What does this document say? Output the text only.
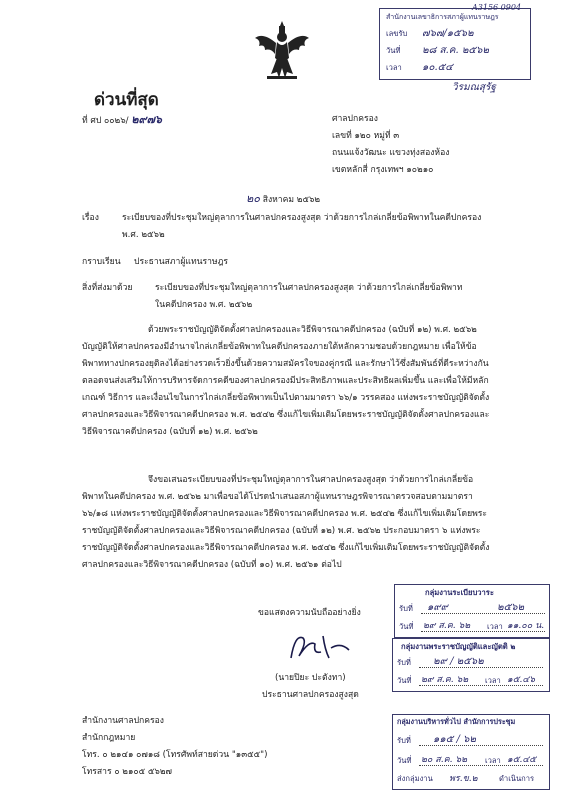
สำนักงานเลขาธิการสภาผู้แทนราษฎร
เลขรับ	๗๖๗/๑๕๖๒
วันที่	๒๘ ส.ค. ๒๕๖๒
เวลา	๑๐.๕๔
A3156 0904
วิรมณสุรัฐ
ด่วนที่สุด
ที่ ศป ๐๐๒๖/ ๒๙๗๖	ศาลปกครอง
เลขที่ ๑๒๐ หมู่ที่ ๓
ถนนแจ้งวัฒนะ แขวงทุ่งสองห้อง
เขตหลักสี่ กรุงเทพฯ ๑๐๒๑๐
๒๐ สิงหาคม ๒๕๖๒
เรื่อง	ระเบียบของที่ประชุมใหญ่ตุลาการในศาลปกครองสูงสุด ว่าด้วยการไกล่เกลี่ยข้อพิพาทในคดีปกครอง
พ.ศ. ๒๕๖๒
กราบเรียน ประธานสภาผู้แทนราษฎร
สิ่งที่ส่งมาด้วย	ระเบียบของที่ประชุมใหญ่ตุลาการในศาลปกครองสูงสุด ว่าด้วยการไกล่เกลี่ยข้อพิพาท
ในคดีปกครอง พ.ศ. ๒๕๖๒
ด้วยพระราชบัญญัติจัดตั้งศาลปกครองและวิธีพิจารณาคดีปกครอง (ฉบับที่ ๑๒) พ.ศ. ๒๕๖๒ บัญญัติให้ศาลปกครองมีอำนาจไกล่เกลี่ยข้อพิพาทในคดีปกครองภายใต้หลักความชอบด้วยกฎหมาย เพื่อให้ข้อพิพาททางปกครองยุติลงได้อย่างรวดเร็วยิ่งขึ้นด้วยความสมัครใจของคู่กรณี และรักษาไว้ซึ่งสัมพันธ์ที่ดีระหว่างกัน ตลอดจนส่งเสริมให้การบริหารจัดการคดีของศาลปกครองมีประสิทธิภาพและประสิทธิผลเพิ่มขึ้น และเพื่อให้มีหลักเกณฑ์ วิธีการ และเงื่อนไขในการไกล่เกลี่ยข้อพิพาทเป็นไปตามมาตรา ๖๖/๑ วรรคสอง แห่งพระราชบัญญัติจัดตั้งศาลปกครองและวิธีพิจารณาคดีปกครอง พ.ศ. ๒๕๔๒ ซึ่งแก้ไขเพิ่มเติมโดยพระราชบัญญัติจัดตั้งศาลปกครองและวิธีพิจารณาคดีปกครอง (ฉบับที่ ๑๒) พ.ศ. ๒๕๖๒
จึงขอเสนอระเบียบของที่ประชุมใหญ่ตุลาการในศาลปกครองสูงสุด ว่าด้วยการไกล่เกลี่ยข้อพิพาทในคดีปกครอง พ.ศ. ๒๕๖๒ มาเพื่อขอได้โปรดนำเสนอสภาผู้แทนราษฎรพิจารณาตรวจสอบตามมาตรา ๖๖/๑๘ แห่งพระราชบัญญัติจัดตั้งศาลปกครองและวิธีพิจารณาคดีปกครอง พ.ศ. ๒๕๔๒ ซึ่งแก้ไขเพิ่มเติมโดยพระราชบัญญัติจัดตั้งศาลปกครองและวิธีพิจารณาคดีปกครอง (ฉบับที่ ๑๒) พ.ศ. ๒๕๖๒ ประกอบมาตรา ๖ แห่งพระราชบัญญัติจัดตั้งศาลปกครองและวิธีพิจารณาคดีปกครอง พ.ศ. ๒๕๔๒ ซึ่งแก้ไขเพิ่มเติมโดยพระราชบัญญัติจัดตั้งศาลปกครองและวิธีพิจารณาคดีปกครอง (ฉบับที่ ๑๐) พ.ศ. ๒๕๖๑ ต่อไป
ขอแสดงความนับถืออย่างยิ่ง
(นายปิยะ ปะตังทา)
ประธานศาลปกครองสูงสุด
สำนักงานศาลปกครอง
สำนักกฎหมาย
โทร. ๐ ๒๑๔๑ ๐๗๑๘ (โทรศัพท์สายด่วน "๑๓๕๕")
โทรสาร ๐ ๒๑๐๕ ๕๖๒๗
กลุ่มงานระเบียบวาระ
รับที่	๑๙๙	๒๕๖๒
วันที่	๒๙ ส.ค. ๖๒	เวลา ๑๑.๐๐ น.
กลุ่มงานพระราชบัญญัติและญัตติ ๒
รับที่	๒๙ / ๒๕๖๒
วันที่	๒๙ ส.ค. ๖๒	เวลา ๑๕.๔๖
กลุ่มงานบริหารทั่วไป สำนักการประชุม
รับที่	๑๑๕ / ๖๒
วันที่	๒๐ ส.ค. ๖๒	เวลา ๑๕.๔๕
ส่งกลุ่มงาน	พร.ข.๒	ดำเนินการ
